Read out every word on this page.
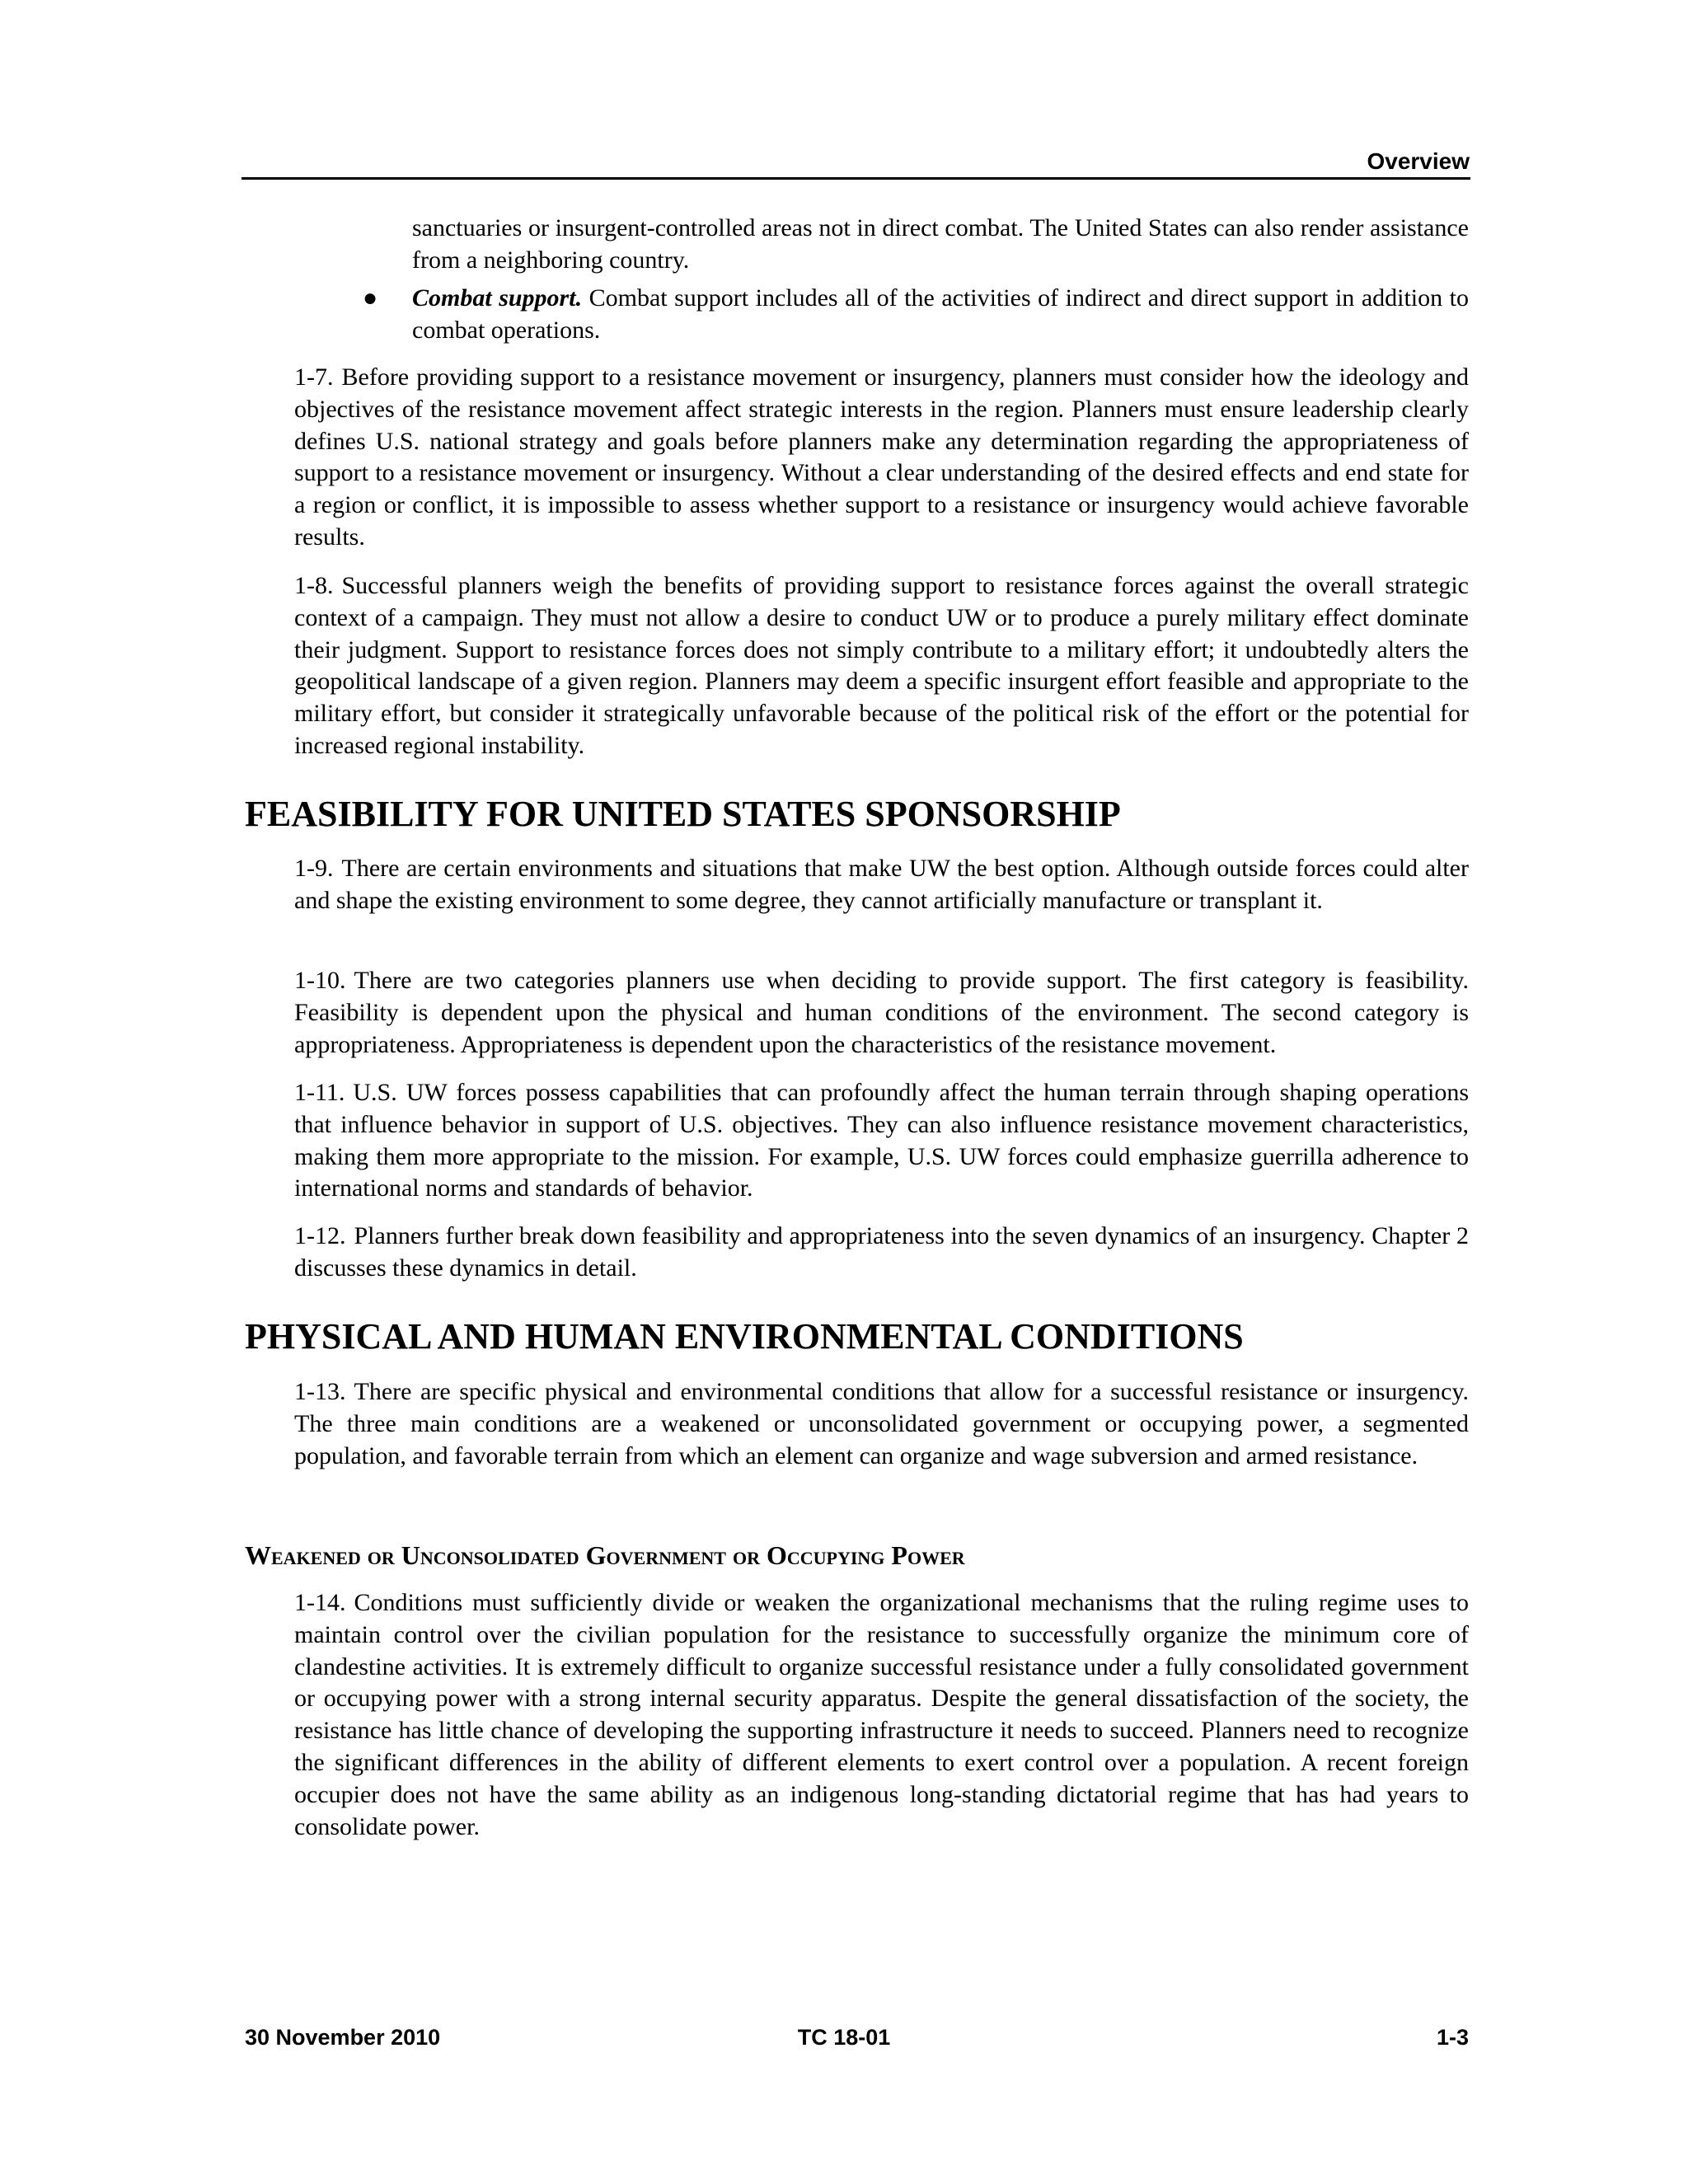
Overview

sanctuaries or insurgent-controlled areas not in direct combat. The United States can also render assistance from a neighboring country.

● Combat support. Combat support includes all of the activities of indirect and direct support in addition to combat operations.

1-7. Before providing support to a resistance movement or insurgency, planners must consider how the ideology and objectives of the resistance movement affect strategic interests in the region. Planners must ensure leadership clearly defines U.S. national strategy and goals before planners make any determination regarding the appropriateness of support to a resistance movement or insurgency. Without a clear understanding of the desired effects and end state for a region or conflict, it is impossible to assess whether support to a resistance or insurgency would achieve favorable results.

1-8. Successful planners weigh the benefits of providing support to resistance forces against the overall strategic context of a campaign. They must not allow a desire to conduct UW or to produce a purely military effect dominate their judgment. Support to resistance forces does not simply contribute to a military effort; it undoubtedly alters the geopolitical landscape of a given region. Planners may deem a specific insurgent effort feasible and appropriate to the military effort, but consider it strategically unfavorable because of the political risk of the effort or the potential for increased regional instability.

FEASIBILITY FOR UNITED STATES SPONSORSHIP

1-9. There are certain environments and situations that make UW the best option. Although outside forces could alter and shape the existing environment to some degree, they cannot artificially manufacture or transplant it.

1-10. There are two categories planners use when deciding to provide support. The first category is feasibility. Feasibility is dependent upon the physical and human conditions of the environment. The second category is appropriateness. Appropriateness is dependent upon the characteristics of the resistance movement.

1-11. U.S. UW forces possess capabilities that can profoundly affect the human terrain through shaping operations that influence behavior in support of U.S. objectives. They can also influence resistance movement characteristics, making them more appropriate to the mission. For example, U.S. UW forces could emphasize guerrilla adherence to international norms and standards of behavior.

1-12. Planners further break down feasibility and appropriateness into the seven dynamics of an insurgency. Chapter 2 discusses these dynamics in detail.

PHYSICAL AND HUMAN ENVIRONMENTAL CONDITIONS

1-13. There are specific physical and environmental conditions that allow for a successful resistance or insurgency. The three main conditions are a weakened or unconsolidated government or occupying power, a segmented population, and favorable terrain from which an element can organize and wage subversion and armed resistance.

Weakened or Unconsolidated Government or Occupying Power

1-14. Conditions must sufficiently divide or weaken the organizational mechanisms that the ruling regime uses to maintain control over the civilian population for the resistance to successfully organize the minimum core of clandestine activities. It is extremely difficult to organize successful resistance under a fully consolidated government or occupying power with a strong internal security apparatus. Despite the general dissatisfaction of the society, the resistance has little chance of developing the supporting infrastructure it needs to succeed. Planners need to recognize the significant differences in the ability of different elements to exert control over a population. A recent foreign occupier does not have the same ability as an indigenous long-standing dictatorial regime that has had years to consolidate power.

30 November 2010	TC 18-01	1-3
